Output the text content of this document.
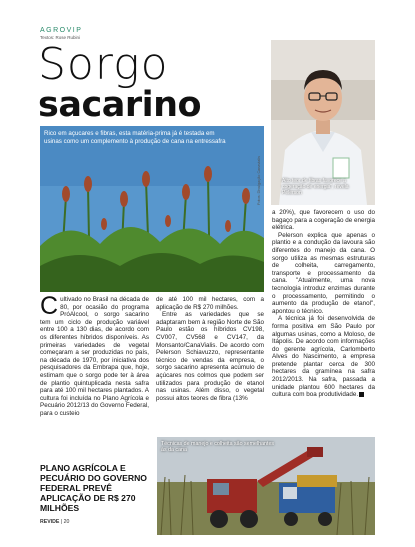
AGROVIP
Textos: Rose Rubini
Sorgo
sacarino
Alto teor de fibras favorece a cogeração de energia", revela Pelerson
Rico em açucares e fibras, esta matéria-prima já é testada em usinas como um complemento à produção de cana na entressafra
Fotos: Divulgação Canavialis

Cultivado no Brasil na década de 80, por ocasião do programa PróAlcool, o sorgo sacarino tem um ciclo de produção variável entre 100 a 130 dias, de acordo com os diferentes híbridos disponíveis. As primeiras variedades de vegetal começaram a ser produzidas no país, na década de 1970, por iniciativa dos pesquisadores da Embrapa que, hoje, estimam que o sorgo pode ter à área de plantio quintuplicada nesta safra para até 100 mil hectares plantados. A cultura foi incluída no Plano Agrícola e Pecuário 2012/13 do Governo Federal, para o custeio

de até 100 mil hectares, com a aplicação de R$ 270 milhões.

Entre as variedades que se adaptaram bem à região Norte de São Paulo estão os híbridos CV198, CV007, CV568 e CV147, da Monsanto/CanaVialis. De acordo com Pelerson Schiavuzzo, representante técnico de vendas da empresa, o sorgo sacarino apresenta acúmulo de açúcares nos colmos que podem ser utilizados para produção de etanol nas usinas. Além disso, o vegetal possui altos teores de fibra (13%

a 20%), que favorecem o uso do bagaço para a cogeração de energia elétrica.

Pelerson explica que apenas o plantio e a condução da lavoura são diferentes do manejo da cana. O sorgo utiliza as mesmas estruturas de colheita, carregamento, transporte e processamento da cana. "Atualmente, uma nova tecnologia introduz enzimas durante o processamento, permitindo o aumento da produção de etanol", apontou o técnico.

A técnica já foi desenvolvida de forma positiva em São Paulo por algumas usinas, como a Moloso, de Itápolis. De acordo com informações do gerente agrícola, Carlomberto Alves do Nascimento, a empresa pretende plantar cerca de 300 hectares da gramínea na safra 2012/2013. Na safra, passada a unidade plantou 600 hectares da cultura com boa produtividade.

PLANO AGRÍCOLA E PECUÁRIO DO GOVERNO FEDERAL PREVÊ APLICAÇÃO DE R$ 270 MILHÕES
Técnicas de manejo e colheita são semelhantes às da cana
REVIDE | 20
